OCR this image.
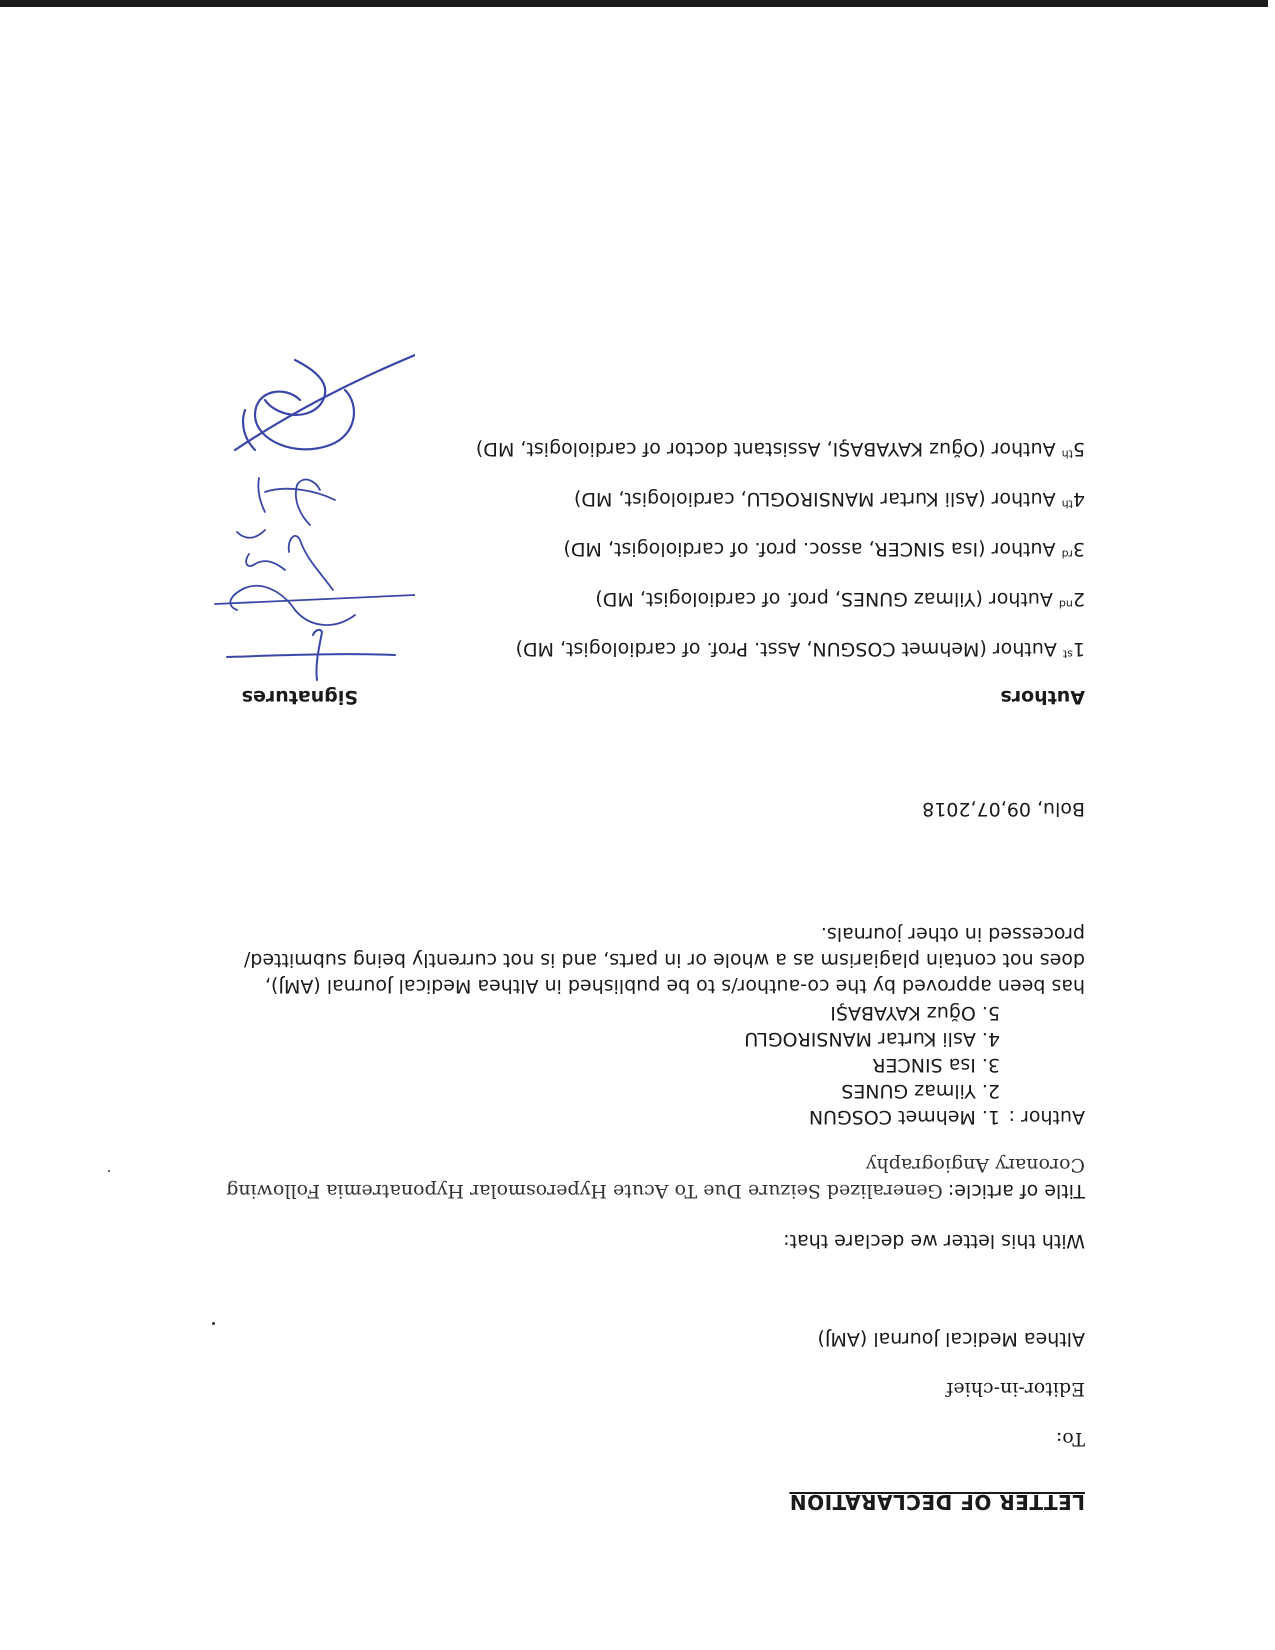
LETTER OF DECLARATION
To:
Editor-in-chief
Althea Medical Journal (AMJ)
With this letter we declare that:
Title of article: Generalized Seizure Due To Acute Hyperosmolar Hyponatremia Following
Coronary Angiography
Author :
1. Mehmet COSGUN
2. Yilmaz GUNES
3. Isa SINCER
4. Asli Kurtar MANSIROGLU
5. Oğuz KAYABAŞI
has been approved by the co-author/s to be published in Althea Medical Journal (AMJ),
does not contain plagiarism as a whole or in parts, and is not currently being submitted/
processed in other journals.
Bolu, 09,07,2018
Authors
Signatures
1st Author (Mehmet COSGUN, Asst. Prof. of cardiologist, MD)
2nd Author (Yilmaz GUNES, prof. of cardiologist, MD)
3rd Author (Isa SINCER, assoc. prof. of cardiologist, MD)
4th Author (Asli Kurtar MANSIROGLU, cardiologist, MD)
5th Author (Oğuz KAYABAŞI, Assistant doctor of cardiologist, MD)
